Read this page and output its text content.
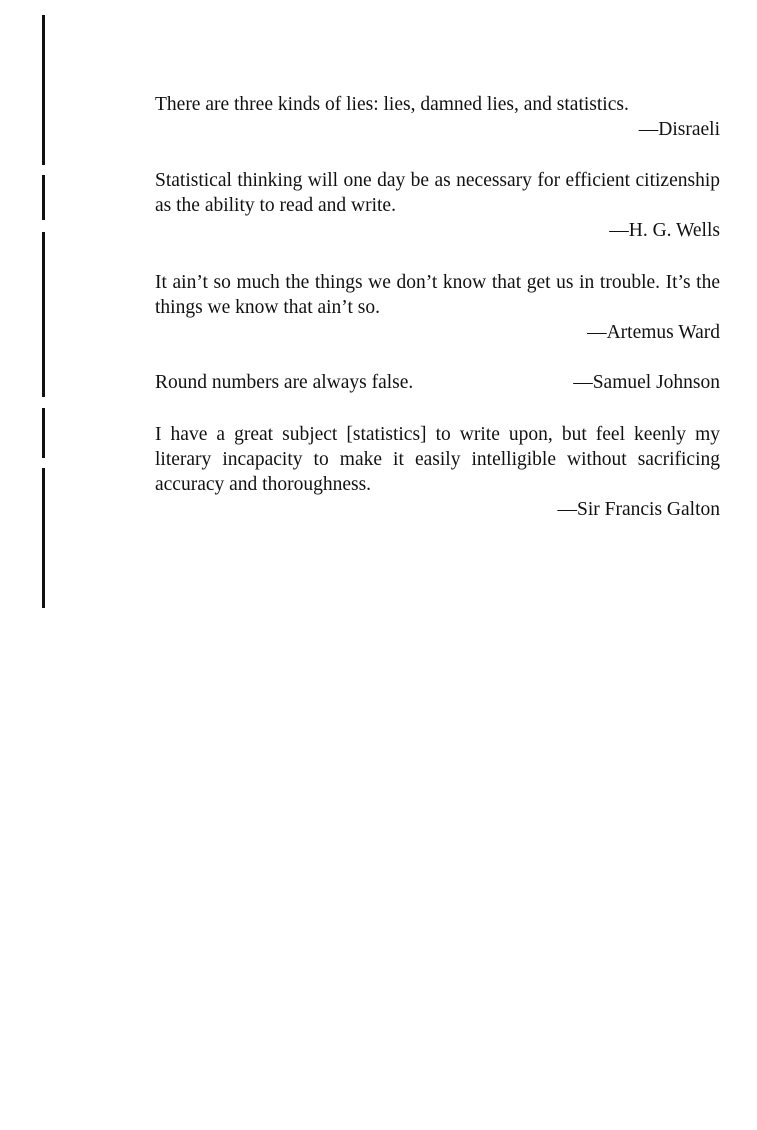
There are three kinds of lies: lies, damned lies, and statistics.

—Disraeli

Statistical thinking will one day be as necessary for efficient citizenship as the ability to read and write.

—H. G. Wells

It ain’t so much the things we don’t know that get us in trouble. It’s the things we know that ain’t so.

—Artemus Ward

Round numbers are always false.	—Samuel Johnson

I have a great subject [statistics] to write upon, but feel keenly my literary incapacity to make it easily intelligible without sacrificing accuracy and thoroughness.

—Sir Francis Galton
